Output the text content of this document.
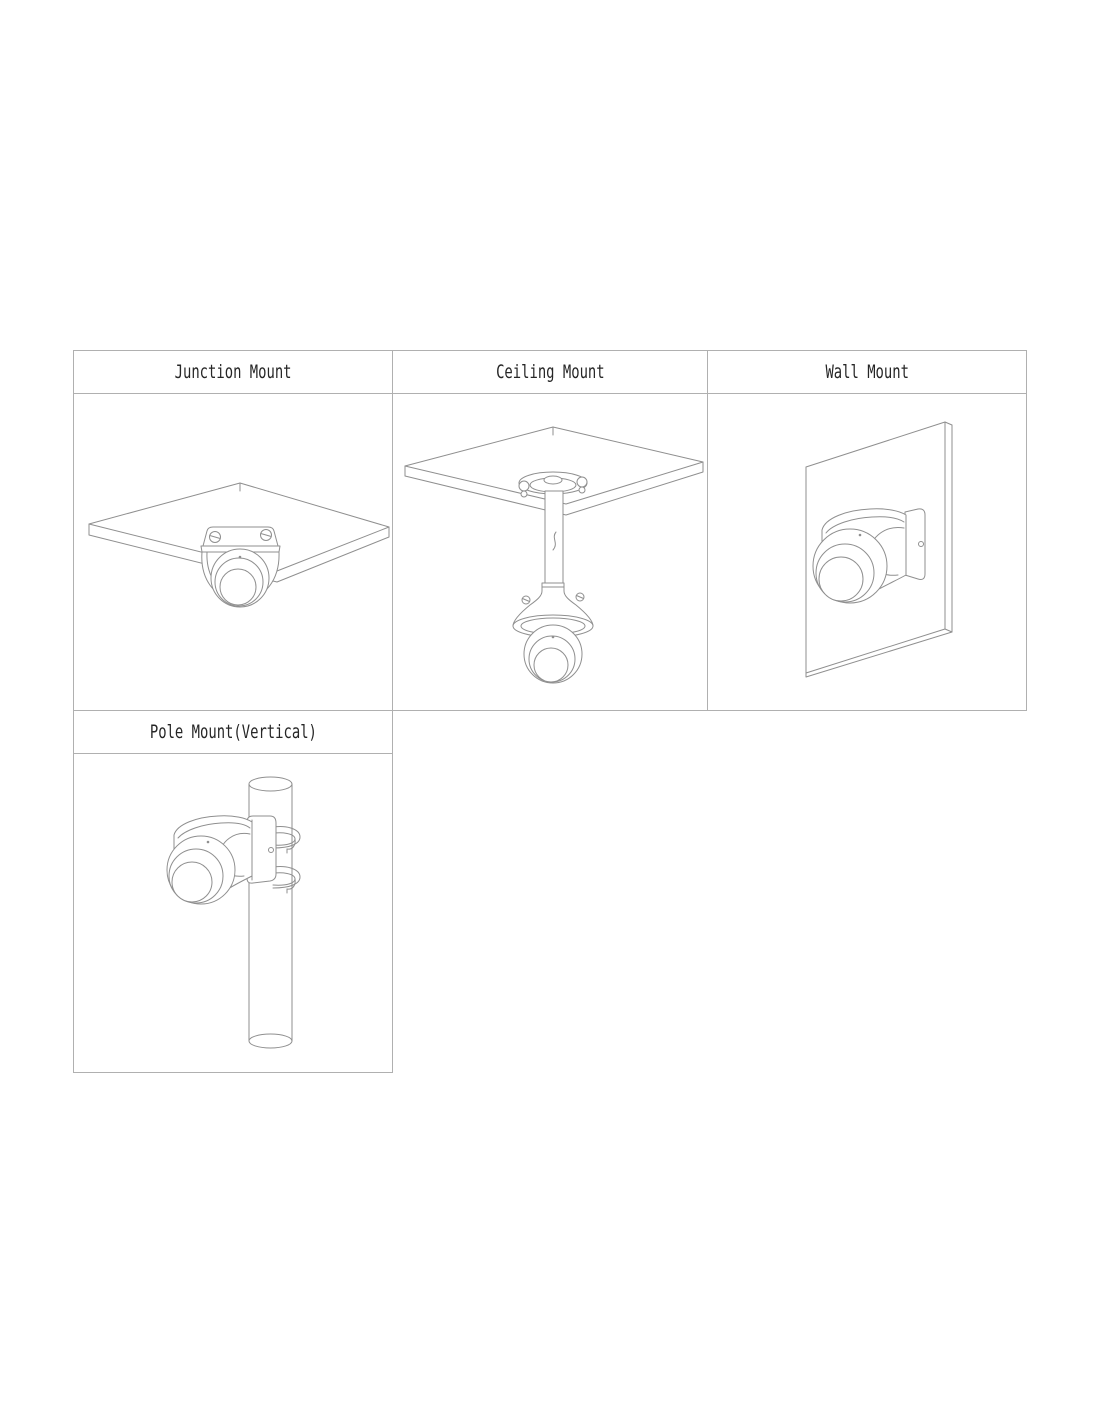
Junction Mount	Ceiling Mount	Wall Mount
Pole Mount(Vertical)
